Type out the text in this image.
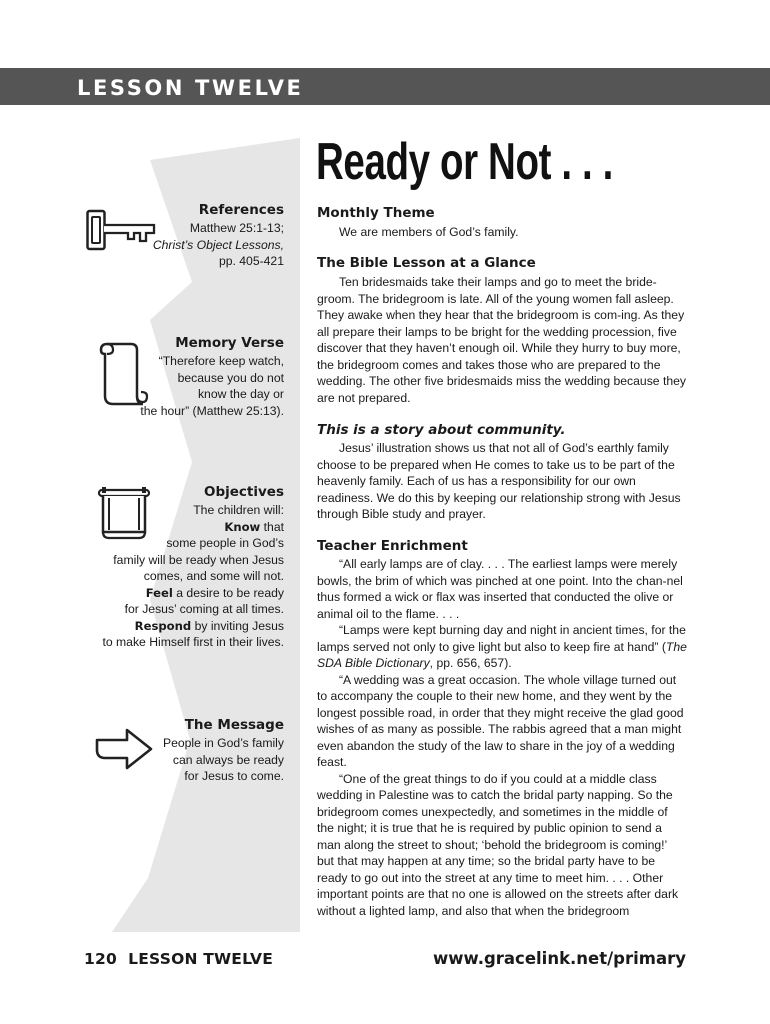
LESSON TWELVE
References
Matthew 25:1-13;
Christ’s Object Lessons,
pp. 405-421
Memory Verse
“Therefore keep watch,
because you do not
know the day or
the hour” (Matthew 25:13).
Objectives
The children will:
Know that
some people in God’s
family will be ready when Jesus
comes, and some will not.
Feel a desire to be ready
for Jesus’ coming at all times.
Respond by inviting Jesus
to make Himself first in their lives.
The Message
People in God’s family
can always be ready
for Jesus to come.
Ready or Not . . .
Monthly Theme

We are members of God’s family.

The Bible Lesson at a Glance

Ten bridesmaids take their lamps and go to meet the bride-groom. The bridegroom is late. All of the young women fall asleep. They awake when they hear that the bridegroom is com-ing. As they all prepare their lamps to be bright for the wedding procession, five discover that they haven’t enough oil. While they hurry to buy more, the bridegroom comes and takes those who are prepared to the wedding. The other five bridesmaids miss the wedding because they are not prepared.

This is a story about community.

Jesus’ illustration shows us that not all of God’s earthly family choose to be prepared when He comes to take us to be part of the heavenly family. Each of us has a responsibility for our own readiness. We do this by keeping our relationship strong with Jesus through Bible study and prayer.

Teacher Enrichment

“All early lamps are of clay. . . . The earliest lamps were merely bowls, the brim of which was pinched at one point. Into the chan-nel thus formed a wick or flax was inserted that conducted the olive or animal oil to the flame. . . .

“Lamps were kept burning day and night in ancient times, for the lamps served not only to give light but also to keep fire at hand” (The SDA Bible Dictionary, pp. 656, 657).

“A wedding was a great occasion. The whole village turned out to accompany the couple to their new home, and they went by the longest possible road, in order that they might receive the glad good wishes of as many as possible. The rabbis agreed that a man might even abandon the study of the law to share in the joy of a wedding feast.

“One of the great things to do if you could at a middle class wedding in Palestine was to catch the bridal party napping. So the bridegroom comes unexpectedly, and sometimes in the middle of the night; it is true that he is required by public opinion to send a man along the street to shout; ‘behold the bridegroom is coming!’ but that may happen at any time; so the bridal party have to be ready to go out into the street at any time to meet him. . . . Other important points are that no one is allowed on the streets after dark without a lighted lamp, and also that when the bridegroom

120 LESSON TWELVE	www.gracelink.net/primary
